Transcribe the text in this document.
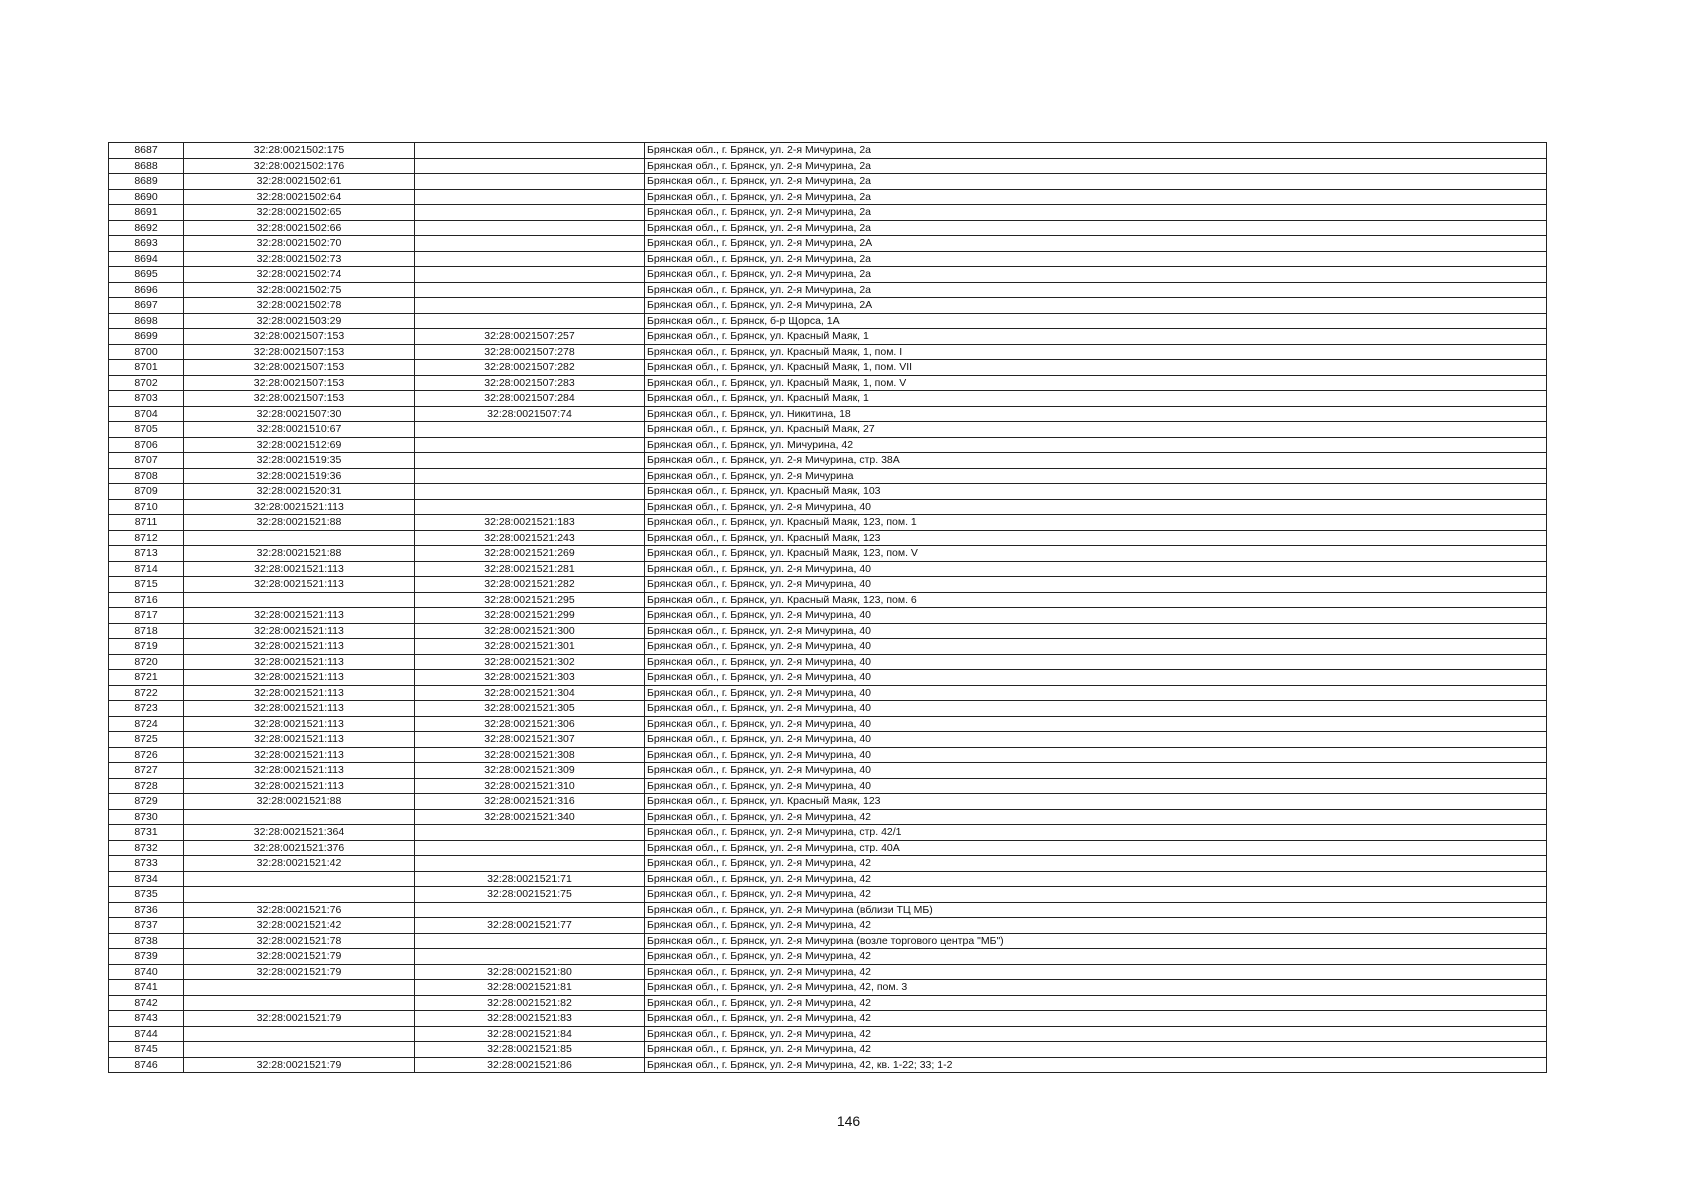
8687	32:28:0021502:175		Брянская обл., г. Брянск, ул. 2-я Мичурина, 2а
8688	32:28:0021502:176		Брянская обл., г. Брянск, ул. 2-я Мичурина, 2а
8689	32:28:0021502:61		Брянская обл., г. Брянск, ул. 2-я Мичурина, 2а
8690	32:28:0021502:64		Брянская обл., г. Брянск, ул. 2-я Мичурина, 2а
8691	32:28:0021502:65		Брянская обл., г. Брянск, ул. 2-я Мичурина, 2а
8692	32:28:0021502:66		Брянская обл., г. Брянск, ул. 2-я Мичурина, 2а
8693	32:28:0021502:70		Брянская обл., г. Брянск, ул. 2-я Мичурина, 2А
8694	32:28:0021502:73		Брянская обл., г. Брянск, ул. 2-я Мичурина, 2а
8695	32:28:0021502:74		Брянская обл., г. Брянск, ул. 2-я Мичурина, 2а
8696	32:28:0021502:75		Брянская обл., г. Брянск, ул. 2-я Мичурина, 2а
8697	32:28:0021502:78		Брянская обл., г. Брянск, ул. 2-я Мичурина, 2А
8698	32:28:0021503:29		Брянская обл., г. Брянск, б-р Щорса, 1А
8699	32:28:0021507:153	32:28:0021507:257	Брянская обл., г. Брянск, ул. Красный Маяк, 1
8700	32:28:0021507:153	32:28:0021507:278	Брянская обл., г. Брянск, ул. Красный Маяк, 1, пом. I
8701	32:28:0021507:153	32:28:0021507:282	Брянская обл., г. Брянск, ул. Красный Маяк, 1, пом. VII
8702	32:28:0021507:153	32:28:0021507:283	Брянская обл., г. Брянск, ул. Красный Маяк, 1, пом. V
8703	32:28:0021507:153	32:28:0021507:284	Брянская обл., г. Брянск, ул. Красный Маяк, 1
8704	32:28:0021507:30	32:28:0021507:74	Брянская обл., г. Брянск, ул. Никитина, 18
8705	32:28:0021510:67		Брянская обл., г. Брянск, ул. Красный Маяк, 27
8706	32:28:0021512:69		Брянская обл., г. Брянск, ул. Мичурина, 42
8707	32:28:0021519:35		Брянская обл., г. Брянск, ул. 2-я Мичурина, стр. 38А
8708	32:28:0021519:36		Брянская обл., г. Брянск, ул. 2-я Мичурина
8709	32:28:0021520:31		Брянская обл., г. Брянск, ул. Красный Маяк, 103
8710	32:28:0021521:113		Брянская обл., г. Брянск, ул. 2-я Мичурина, 40
8711	32:28:0021521:88	32:28:0021521:183	Брянская обл., г. Брянск, ул. Красный Маяк, 123, пом. 1
8712		32:28:0021521:243	Брянская обл., г. Брянск, ул. Красный Маяк, 123
8713	32:28:0021521:88	32:28:0021521:269	Брянская обл., г. Брянск, ул. Красный Маяк, 123, пом. V
8714	32:28:0021521:113	32:28:0021521:281	Брянская обл., г. Брянск, ул. 2-я Мичурина, 40
8715	32:28:0021521:113	32:28:0021521:282	Брянская обл., г. Брянск, ул. 2-я Мичурина, 40
8716		32:28:0021521:295	Брянская обл., г. Брянск, ул. Красный Маяк, 123, пом. 6
8717	32:28:0021521:113	32:28:0021521:299	Брянская обл., г. Брянск, ул. 2-я Мичурина, 40
8718	32:28:0021521:113	32:28:0021521:300	Брянская обл., г. Брянск, ул. 2-я Мичурина, 40
8719	32:28:0021521:113	32:28:0021521:301	Брянская обл., г. Брянск, ул. 2-я Мичурина, 40
8720	32:28:0021521:113	32:28:0021521:302	Брянская обл., г. Брянск, ул. 2-я Мичурина, 40
8721	32:28:0021521:113	32:28:0021521:303	Брянская обл., г. Брянск, ул. 2-я Мичурина, 40
8722	32:28:0021521:113	32:28:0021521:304	Брянская обл., г. Брянск, ул. 2-я Мичурина, 40
8723	32:28:0021521:113	32:28:0021521:305	Брянская обл., г. Брянск, ул. 2-я Мичурина, 40
8724	32:28:0021521:113	32:28:0021521:306	Брянская обл., г. Брянск, ул. 2-я Мичурина, 40
8725	32:28:0021521:113	32:28:0021521:307	Брянская обл., г. Брянск, ул. 2-я Мичурина, 40
8726	32:28:0021521:113	32:28:0021521:308	Брянская обл., г. Брянск, ул. 2-я Мичурина, 40
8727	32:28:0021521:113	32:28:0021521:309	Брянская обл., г. Брянск, ул. 2-я Мичурина, 40
8728	32:28:0021521:113	32:28:0021521:310	Брянская обл., г. Брянск, ул. 2-я Мичурина, 40
8729	32:28:0021521:88	32:28:0021521:316	Брянская обл., г. Брянск, ул. Красный Маяк, 123
8730		32:28:0021521:340	Брянская обл., г. Брянск, ул. 2-я Мичурина, 42
8731	32:28:0021521:364		Брянская обл., г. Брянск, ул. 2-я Мичурина, стр. 42/1
8732	32:28:0021521:376		Брянская обл., г. Брянск, ул. 2-я Мичурина, стр. 40А
8733	32:28:0021521:42		Брянская обл., г. Брянск, ул. 2-я Мичурина, 42
8734		32:28:0021521:71	Брянская обл., г. Брянск, ул. 2-я Мичурина, 42
8735		32:28:0021521:75	Брянская обл., г. Брянск, ул. 2-я Мичурина, 42
8736	32:28:0021521:76		Брянская обл., г. Брянск, ул. 2-я Мичурина (вблизи ТЦ МБ)
8737	32:28:0021521:42	32:28:0021521:77	Брянская обл., г. Брянск, ул. 2-я Мичурина, 42
8738	32:28:0021521:78		Брянская обл., г. Брянск, ул. 2-я Мичурина (возле торгового центра "МБ")
8739	32:28:0021521:79		Брянская обл., г. Брянск, ул. 2-я Мичурина, 42
8740	32:28:0021521:79	32:28:0021521:80	Брянская обл., г. Брянск, ул. 2-я Мичурина, 42
8741		32:28:0021521:81	Брянская обл., г. Брянск, ул. 2-я Мичурина, 42, пом. 3
8742		32:28:0021521:82	Брянская обл., г. Брянск, ул. 2-я Мичурина, 42
8743	32:28:0021521:79	32:28:0021521:83	Брянская обл., г. Брянск, ул. 2-я Мичурина, 42
8744		32:28:0021521:84	Брянская обл., г. Брянск, ул. 2-я Мичурина, 42
8745		32:28:0021521:85	Брянская обл., г. Брянск, ул. 2-я Мичурина, 42
8746	32:28:0021521:79	32:28:0021521:86	Брянская обл., г. Брянск, ул. 2-я Мичурина, 42, кв. 1-22; 33; 1-2
146
